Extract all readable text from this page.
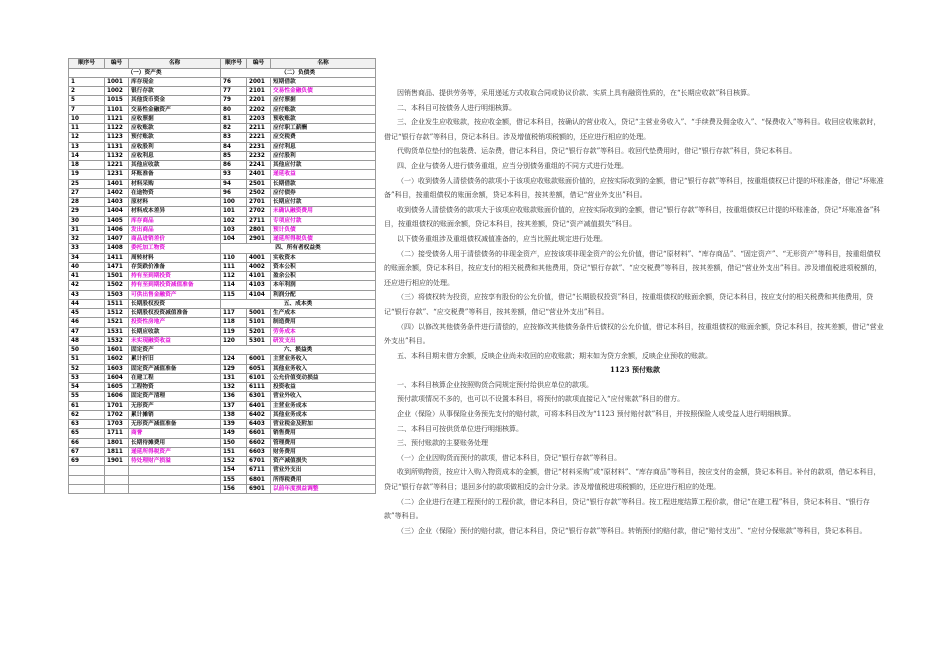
顺序号	编号	名称	顺序号	编号	名称
（一）资产类			（二）负债类		
1	1001	库存现金	76	2001	短期借款
2	1002	银行存款	77	2101	交易性金融负债
5	1015	其他货币资金	79	2201	应付票据
7	1101	交易性金融资产	80	2202	应付账款
10	1121	应收票据	81	2203	预收账款
11	1122	应收账款	82	2211	应付职工薪酬
12	1123	预付账款	83	2221	应交税费
13	1131	应收股利	84	2231	应付利息
14	1132	应收利息	85	2232	应付股利
18	1221	其他应收款	86	2241	其他应付款
19	1231	坏账准备	93	2401	递延收益
25	1401	材料采购	94	2501	长期借款
27	1402	在途物资	96	2502	应付债券
28	1403	原材料	100	2701	长期应付款
29	1404	材料成本差异	101	2702	未确认融资费用
30	1405	库存商品	102	2711	专项应付款
31	1406	发出商品	103	2801	预计负债
32	1407	商品进销差价	104	2901	递延所得税负债
33	1408	委托加工物资	四、所有者权益类		
34	1411	周转材料	110	4001	实收资本
40	1471	存货跌价准备	111	4002	资本公积
41	1501	持有至到期投资	112	4101	盈余公积
42	1502	持有至到期投资减值准备	114	4103	本年利润
43	1503	可供出售金融资产	115	4104	利润分配
44	1511	长期股权投资	五、成本类		
45	1512	长期股权投资减值准备	117	5001	生产成本
46	1521	投资性房地产	118	5101	制造费用
47	1531	长期应收款	119	5201	劳务成本
48	1532	未实现融资收益	120	5301	研发支出
50	1601	固定资产	六、损益类		
51	1602	累计折旧	124	6001	主营业务收入
52	1603	固定资产减值准备	129	6051	其他业务收入
53	1604	在建工程	131	6101	公允价值变动损益
54	1605	工程物资	132	6111	投资收益
55	1606	固定资产清理	136	6301	营业外收入
61	1701	无形资产	137	6401	主营业务成本
62	1702	累计摊销	138	6402	其他业务成本
63	1703	无形资产减值准备	139	6403	营业税金及附加
65	1711	商誉	149	6601	销售费用
66	1801	长期待摊费用	150	6602	管理费用
67	1811	递延所得税资产	151	6603	财务费用
69	1901	待处理财产损溢	152	6701	资产减值损失
			154	6711	营业外支出
			155	6801	所得税费用
			156	6901	以前年度损益调整

因销售商品、提供劳务等，采用递延方式收取合同或协议价款、实质上具有融资性质的，在“长期应收款”科目核算。

二、本科目可按债务人进行明细核算。

三、企业发生应收账款，按应收金额，借记本科目，按确认的营业收入，贷记“主营业务收入”、“手续费及佣金收入”、“保费收入”等科目。收回应收账款时，借记“银行存款”等科目，贷记本科目。涉及增值税销项税额的，还应进行相应的处理。

代购货单位垫付的包装费、运杂费，借记本科目，贷记“银行存款”等科目。收回代垫费用时，借记“银行存款”科目，贷记本科目。

四、企业与债务人进行债务重组，应当分别债务重组的不同方式进行处理。

（一）收到债务人清偿债务的款项小于该项应收账款账面价值的，应按实际收到的金额，借记“银行存款”等科目，按重组债权已计提的坏账准备，借记“坏账准备”科目，按重组债权的账面余额，贷记本科目，按其差额，借记“营业外支出”科目。

收到债务人清偿债务的款项大于该项应收账款账面价值的，应按实际收到的金额，借记“银行存款”等科目，按重组债权已计提的坏账准备，贷记“坏账准备”科目，按重组债权的账面余额，贷记本科目，按其差额，贷记“资产减值损失”科目。

以下债务重组涉及重组债权减值准备的，应当比照此规定进行处理。

（二）接受债务人用于清偿债务的非现金资产，应按该项非现金资产的公允价值，借记“原材料”、“库存商品”、“固定资产”、“无形资产”等科目，按重组债权的账面余额，贷记本科目，按应支付的相关税费和其他费用，贷记“银行存款”、“应交税费”等科目，按其差额，借记“营业外支出”科目。涉及增值税进项税额的，还应进行相应的处理。

（三）将债权转为投资，应按享有股份的公允价值，借记“长期股权投资”科目，按重组债权的账面余额，贷记本科目，按应支付的相关税费和其他费用，贷记“银行存款”、“应交税费”等科目，按其差额，借记“营业外支出”科目。

（四）以修改其他债务条件进行清偿的，应按修改其他债务条件后债权的公允价值，借记本科目，按重组债权的账面余额，贷记本科目，按其差额，借记“营业外支出”科目。

五、本科目期末借方余额，反映企业尚未收回的应收账款；期末如为贷方余额，反映企业预收的账款。

1123 预付账款

一、本科目核算企业按照购货合同规定预付给供应单位的款项。

预付款项情况不多的，也可以不设置本科目，将预付的款项直接记入“应付账款”科目的借方。

企业（保险）从事保险业务预先支付的赔付款，可将本科目改为“1123 预付赔付款”科目，并按照保险人或受益人进行明细核算。

二、本科目可按供货单位进行明细核算。

三、预付账款的主要账务处理

（一）企业因购货而预付的款项，借记本科目，贷记“银行存款”等科目。

收到所购物资，按应计入购入物资成本的金额，借记“材料采购”或“原材料”、“库存商品”等科目，按应支付的金额，贷记本科目。补付的款项，借记本科目，贷记“银行存款”等科目；退回多付的款项做相反的会计分录。涉及增值税进项税额的，还应进行相应的处理。

（二）企业进行在建工程预付的工程价款，借记本科目，贷记“银行存款”等科目。按工程进度结算工程价款，借记“在建工程”科目，贷记本科目、“银行存款”等科目。

（三）企业（保险）预付的赔付款，借记本科目，贷记“银行存款”等科目。转销预付的赔付款，借记“赔付支出”、“应付分保账款”等科目，贷记本科目。
